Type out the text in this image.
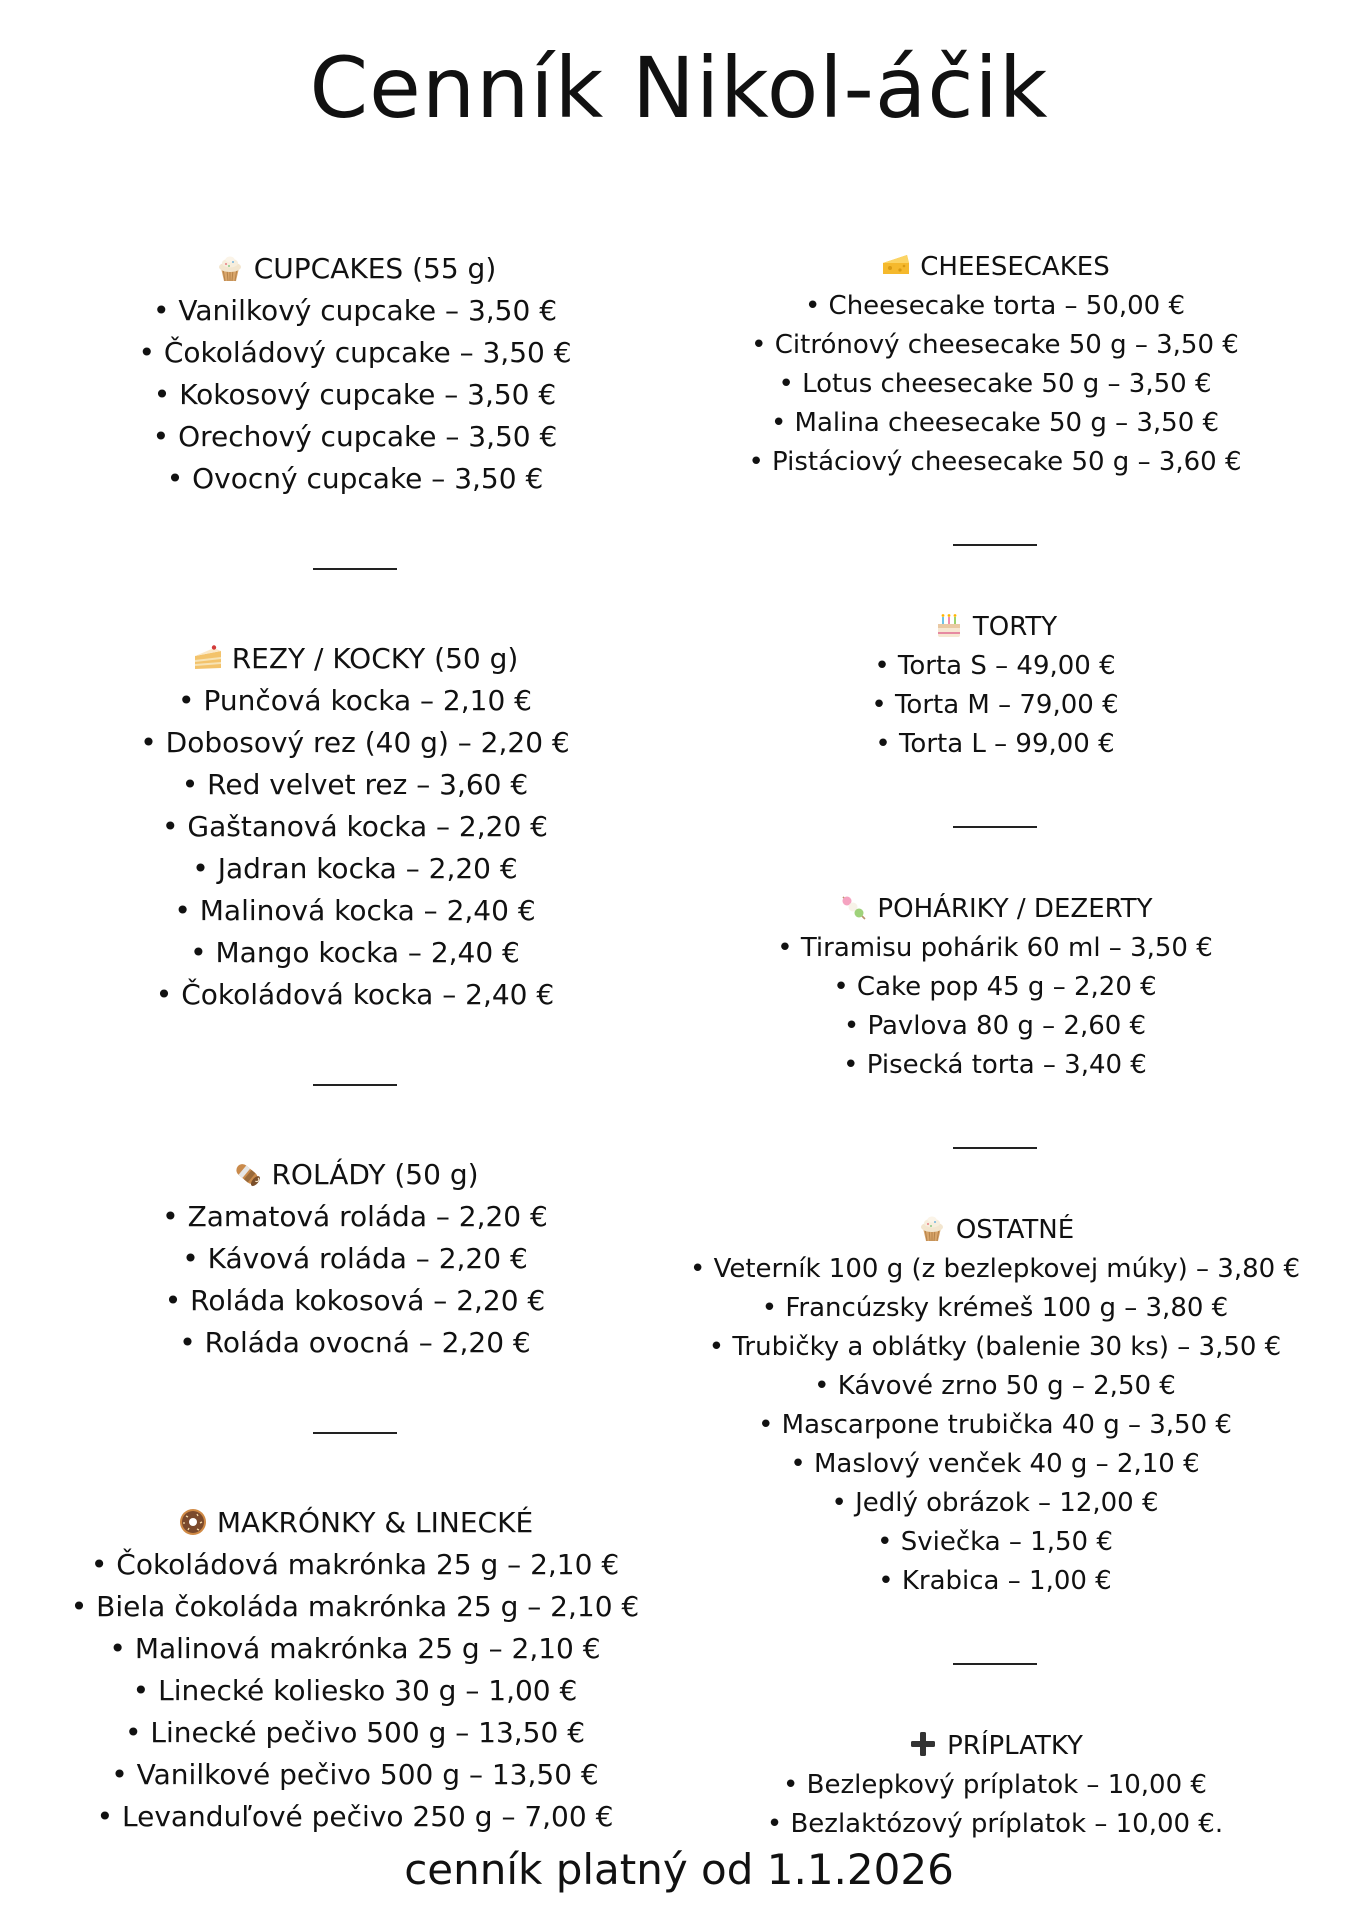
Cenník Nikol-áčik
CUPCAKES (55 g)
• Vanilkový cupcake – 3,50 €
• Čokoládový cupcake – 3,50 €
• Kokosový cupcake – 3,50 €
• Orechový cupcake – 3,50 €
• Ovocný cupcake – 3,50 €
REZY / KOCKY (50 g)
• Punčová kocka – 2,10 €
• Dobosový rez (40 g) – 2,20 €
• Red velvet rez – 3,60 €
• Gaštanová kocka – 2,20 €
• Jadran kocka – 2,20 €
• Malinová kocka – 2,40 €
• Mango kocka – 2,40 €
• Čokoládová kocka – 2,40 €
ROLÁDY (50 g)
• Zamatová roláda – 2,20 €
• Kávová roláda – 2,20 €
• Roláda kokosová – 2,20 €
• Roláda ovocná – 2,20 €
MAKRÓNKY & LINECKÉ
• Čokoládová makrónka 25 g – 2,10 €
• Biela čokoláda makrónka 25 g – 2,10 €
• Malinová makrónka 25 g – 2,10 €
• Linecké koliesko 30 g – 1,00 €
• Linecké pečivo 500 g – 13,50 €
• Vanilkové pečivo 500 g – 13,50 €
• Levanduľové pečivo 250 g – 7,00 €
CHEESECAKES
• Cheesecake torta – 50,00 €
• Citrónový cheesecake 50 g – 3,50 €
• Lotus cheesecake 50 g – 3,50 €
• Malina cheesecake 50 g – 3,50 €
• Pistáciový cheesecake 50 g – 3,60 €
TORTY
• Torta S – 49,00 €
• Torta M – 79,00 €
• Torta L – 99,00 €
POHÁRIKY / DEZERTY
• Tiramisu pohárik 60 ml – 3,50 €
• Cake pop 45 g – 2,20 €
• Pavlova 80 g – 2,60 €
• Pisecká torta – 3,40 €
OSTATNÉ
• Veterník 100 g (z bezlepkovej múky) – 3,80 €
• Francúzsky krémeš 100 g – 3,80 €
• Trubičky a oblátky (balenie 30 ks) – 3,50 €
• Kávové zrno 50 g – 2,50 €
• Mascarpone trubička 40 g – 3,50 €
• Maslový venček 40 g – 2,10 €
• Jedlý obrázok – 12,00 €
• Sviečka – 1,50 €
• Krabica – 1,00 €
PRÍPLATKY
• Bezlepkový príplatok – 10,00 €
• Bezlaktózový príplatok – 10,00 €.
cenník platný od 1.1.2026
